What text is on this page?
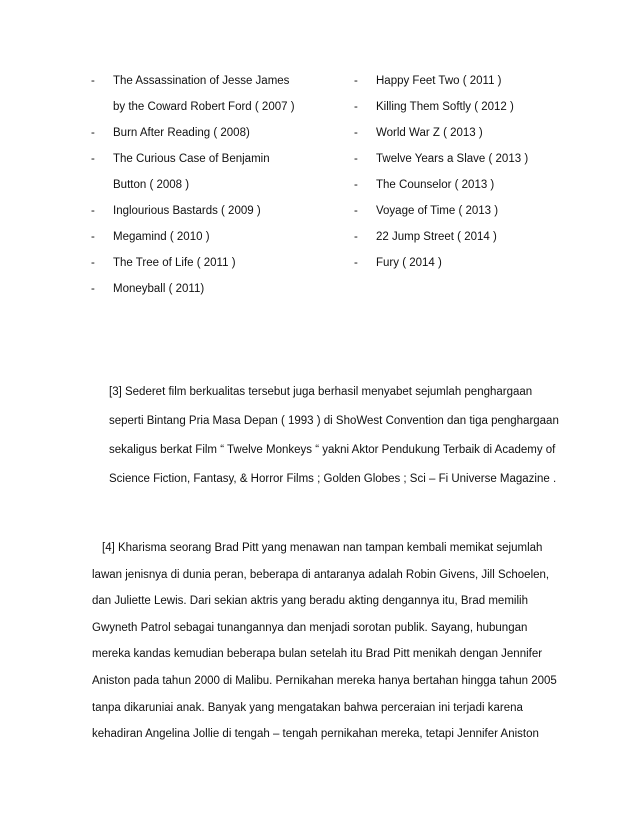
- The Assassination of Jesse James
by the Coward Robert Ford ( 2007 )
- Burn After Reading ( 2008)
- The Curious Case of Benjamin
Button ( 2008 )
- Inglourious Bastards ( 2009 )
- Megamind ( 2010 )
- The Tree of Life ( 2011 )
- Moneyball ( 2011)
- Happy Feet Two ( 2011 )
- Killing Them Softly ( 2012 )
- World War Z ( 2013 )
- Twelve Years a Slave ( 2013 )
- The Counselor ( 2013 )
- Voyage of Time ( 2013 )
- 22 Jump Street ( 2014 )
- Fury ( 2014 )
[3] Sederet film berkualitas tersebut juga berhasil menyabet sejumlah penghargaan
seperti Bintang Pria Masa Depan ( 1993 ) di ShoWest Convention dan tiga penghargaan
sekaligus berkat Film “ Twelve Monkeys “ yakni Aktor Pendukung Terbaik di Academy of
Science Fiction, Fantasy, & Horror Films ; Golden Globes ; Sci – Fi Universe Magazine .
[4] Kharisma seorang Brad Pitt yang menawan nan tampan kembali memikat sejumlah
lawan jenisnya di dunia peran, beberapa di antaranya adalah Robin Givens, Jill Schoelen,
dan Juliette Lewis. Dari sekian aktris yang beradu akting dengannya itu, Brad memilih
Gwyneth Patrol sebagai tunangannya dan menjadi sorotan publik. Sayang, hubungan
mereka kandas kemudian beberapa bulan setelah itu Brad Pitt menikah dengan Jennifer
Aniston pada tahun 2000 di Malibu. Pernikahan mereka hanya bertahan hingga tahun 2005
tanpa dikaruniai anak. Banyak yang mengatakan bahwa perceraian ini terjadi karena
kehadiran Angelina Jollie di tengah – tengah pernikahan mereka, tetapi Jennifer Aniston
